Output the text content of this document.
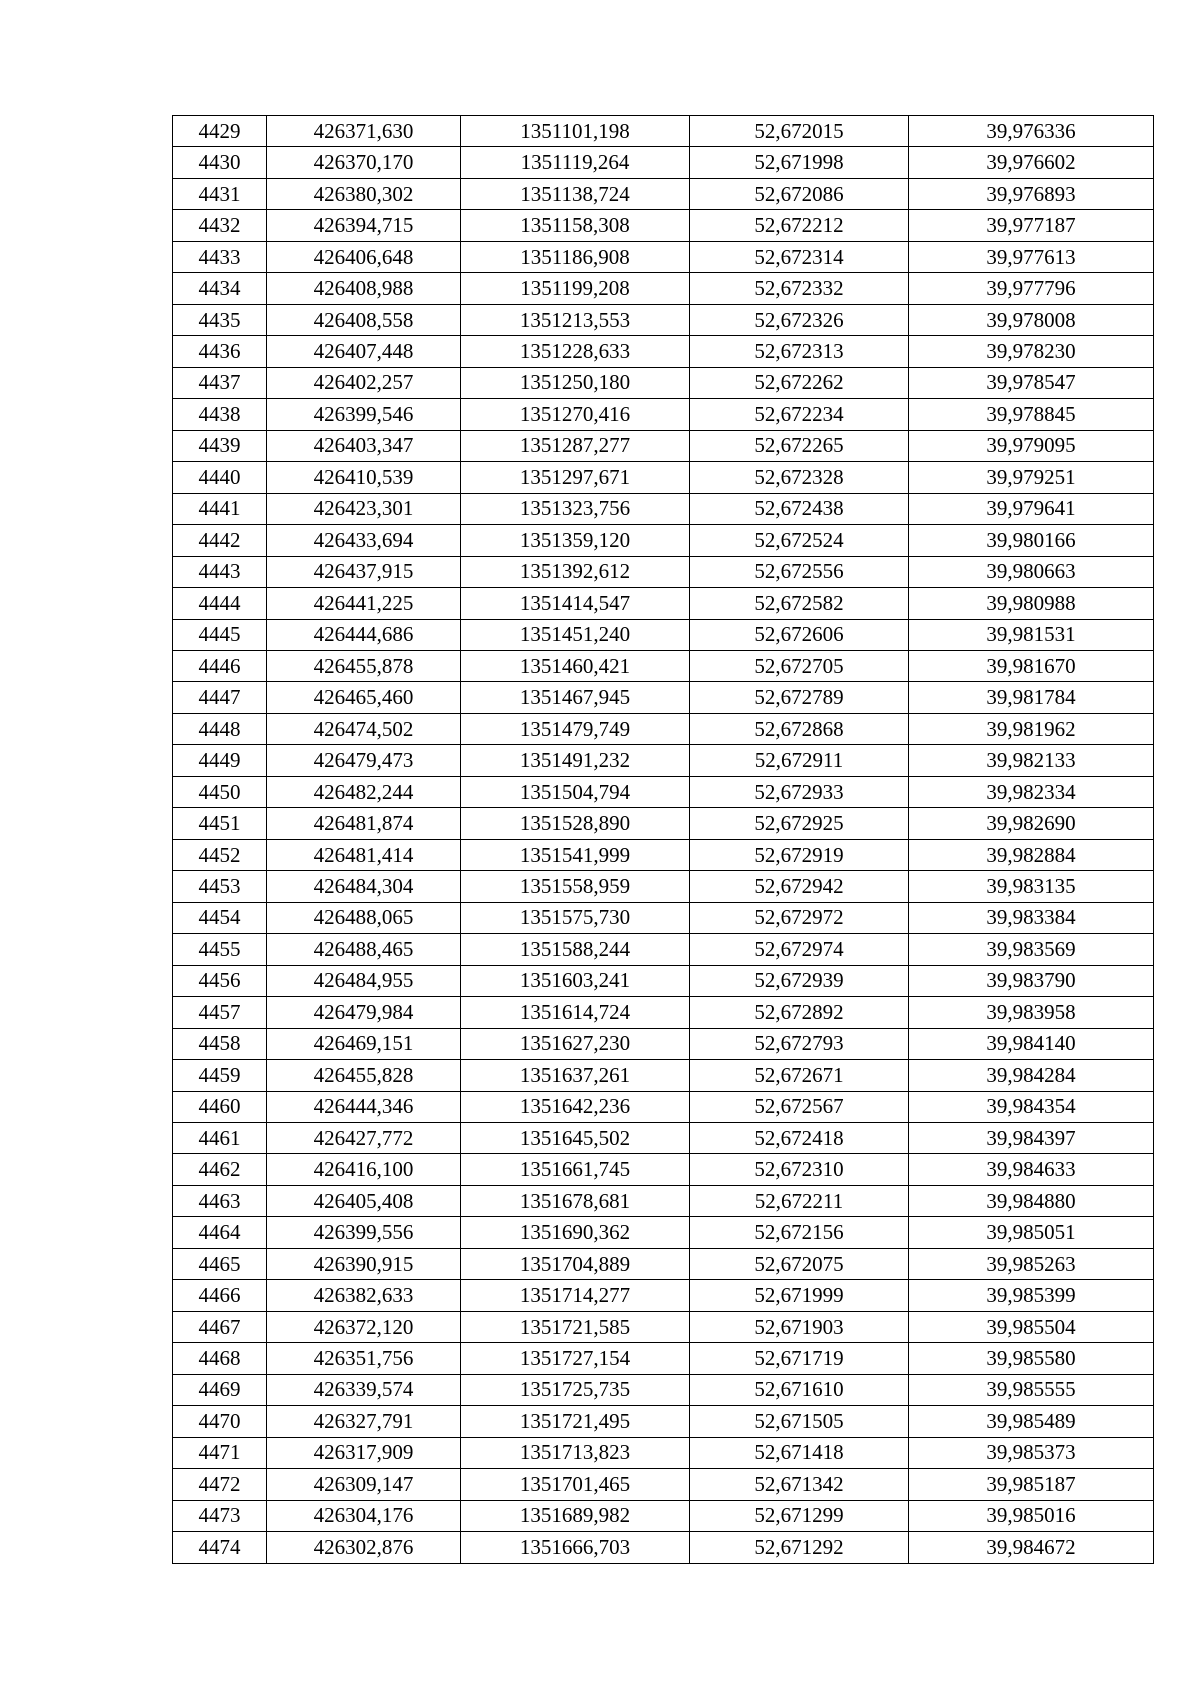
4429	426371,630	1351101,198	52,672015	39,976336
4430	426370,170	1351119,264	52,671998	39,976602
4431	426380,302	1351138,724	52,672086	39,976893
4432	426394,715	1351158,308	52,672212	39,977187
4433	426406,648	1351186,908	52,672314	39,977613
4434	426408,988	1351199,208	52,672332	39,977796
4435	426408,558	1351213,553	52,672326	39,978008
4436	426407,448	1351228,633	52,672313	39,978230
4437	426402,257	1351250,180	52,672262	39,978547
4438	426399,546	1351270,416	52,672234	39,978845
4439	426403,347	1351287,277	52,672265	39,979095
4440	426410,539	1351297,671	52,672328	39,979251
4441	426423,301	1351323,756	52,672438	39,979641
4442	426433,694	1351359,120	52,672524	39,980166
4443	426437,915	1351392,612	52,672556	39,980663
4444	426441,225	1351414,547	52,672582	39,980988
4445	426444,686	1351451,240	52,672606	39,981531
4446	426455,878	1351460,421	52,672705	39,981670
4447	426465,460	1351467,945	52,672789	39,981784
4448	426474,502	1351479,749	52,672868	39,981962
4449	426479,473	1351491,232	52,672911	39,982133
4450	426482,244	1351504,794	52,672933	39,982334
4451	426481,874	1351528,890	52,672925	39,982690
4452	426481,414	1351541,999	52,672919	39,982884
4453	426484,304	1351558,959	52,672942	39,983135
4454	426488,065	1351575,730	52,672972	39,983384
4455	426488,465	1351588,244	52,672974	39,983569
4456	426484,955	1351603,241	52,672939	39,983790
4457	426479,984	1351614,724	52,672892	39,983958
4458	426469,151	1351627,230	52,672793	39,984140
4459	426455,828	1351637,261	52,672671	39,984284
4460	426444,346	1351642,236	52,672567	39,984354
4461	426427,772	1351645,502	52,672418	39,984397
4462	426416,100	1351661,745	52,672310	39,984633
4463	426405,408	1351678,681	52,672211	39,984880
4464	426399,556	1351690,362	52,672156	39,985051
4465	426390,915	1351704,889	52,672075	39,985263
4466	426382,633	1351714,277	52,671999	39,985399
4467	426372,120	1351721,585	52,671903	39,985504
4468	426351,756	1351727,154	52,671719	39,985580
4469	426339,574	1351725,735	52,671610	39,985555
4470	426327,791	1351721,495	52,671505	39,985489
4471	426317,909	1351713,823	52,671418	39,985373
4472	426309,147	1351701,465	52,671342	39,985187
4473	426304,176	1351689,982	52,671299	39,985016
4474	426302,876	1351666,703	52,671292	39,984672
